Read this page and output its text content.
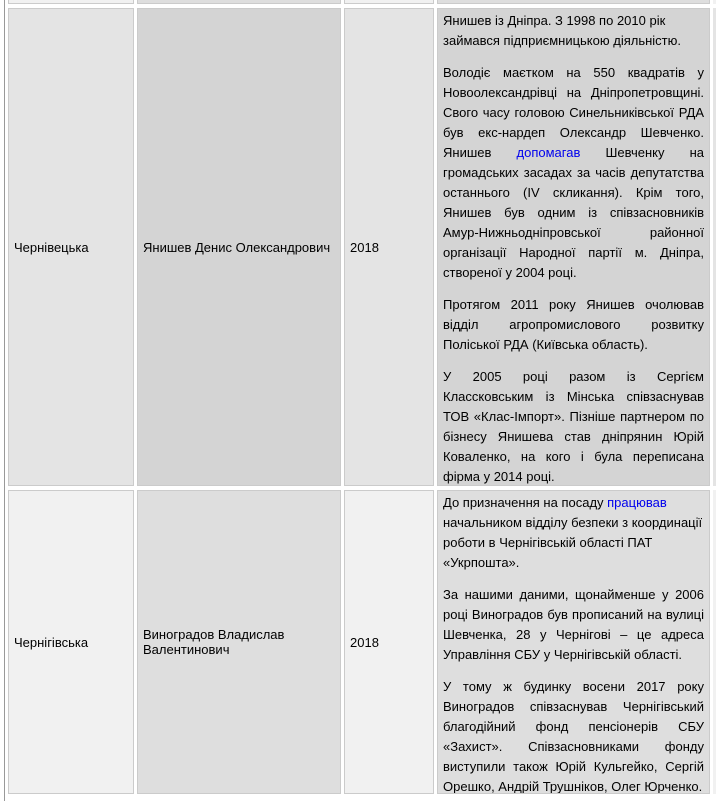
Чернівецька	Янишев Денис Олександрович 2018

Янишев із Дніпра. З 1998 по 2010 рік займався підприємницькою діяльністю.

Володіє маєтком на 550 квадратів у Новоолександрівці на Дніпропетровщині. Свого часу головою Синельниківської РДА був екс-нардеп Олександр Шевченко. Янишев допомагав Шевченку на громадських засадах за часів депутатства останнього (IV скликання). Крім того, Янишев був одним із співзасновників Амур-Нижньодніпровської районної організації Народної партії м. Дніпра, створеної у 2004 році.

Протягом 2011 року Янишев очолював відділ агропромислового розвитку Поліської РДА (Київська область).

У 2005 році разом із Сергієм Классковським із Мінська співзаснував ТОВ «Клас-Імпорт». Пізніше партнером по бізнесу Янишева став дніпрянин Юрій Коваленко, на кого і була переписана фірма у 2014 році.

Чернігівська	Виноградов Владислав Валентинович	2018

До призначення на посаду працював начальником відділу безпеки з координації роботи в Чернігівській області ПАТ «Укрпошта».

За нашими даними, щонайменше у 2006 році Виноградов був прописаний на вулиці Шевченка, 28 у Чернігові – це адреса Управління СБУ у Чернігівській області.

У тому ж будинку восени 2017 року Виноградов співзаснував Чернігівський благодійний фонд пенсіонерів СБУ «Захист». Співзасновниками фонду виступили також Юрій Кульгейко, Сергій Орешко, Андрій Трушніков, Олег Юрченко.
